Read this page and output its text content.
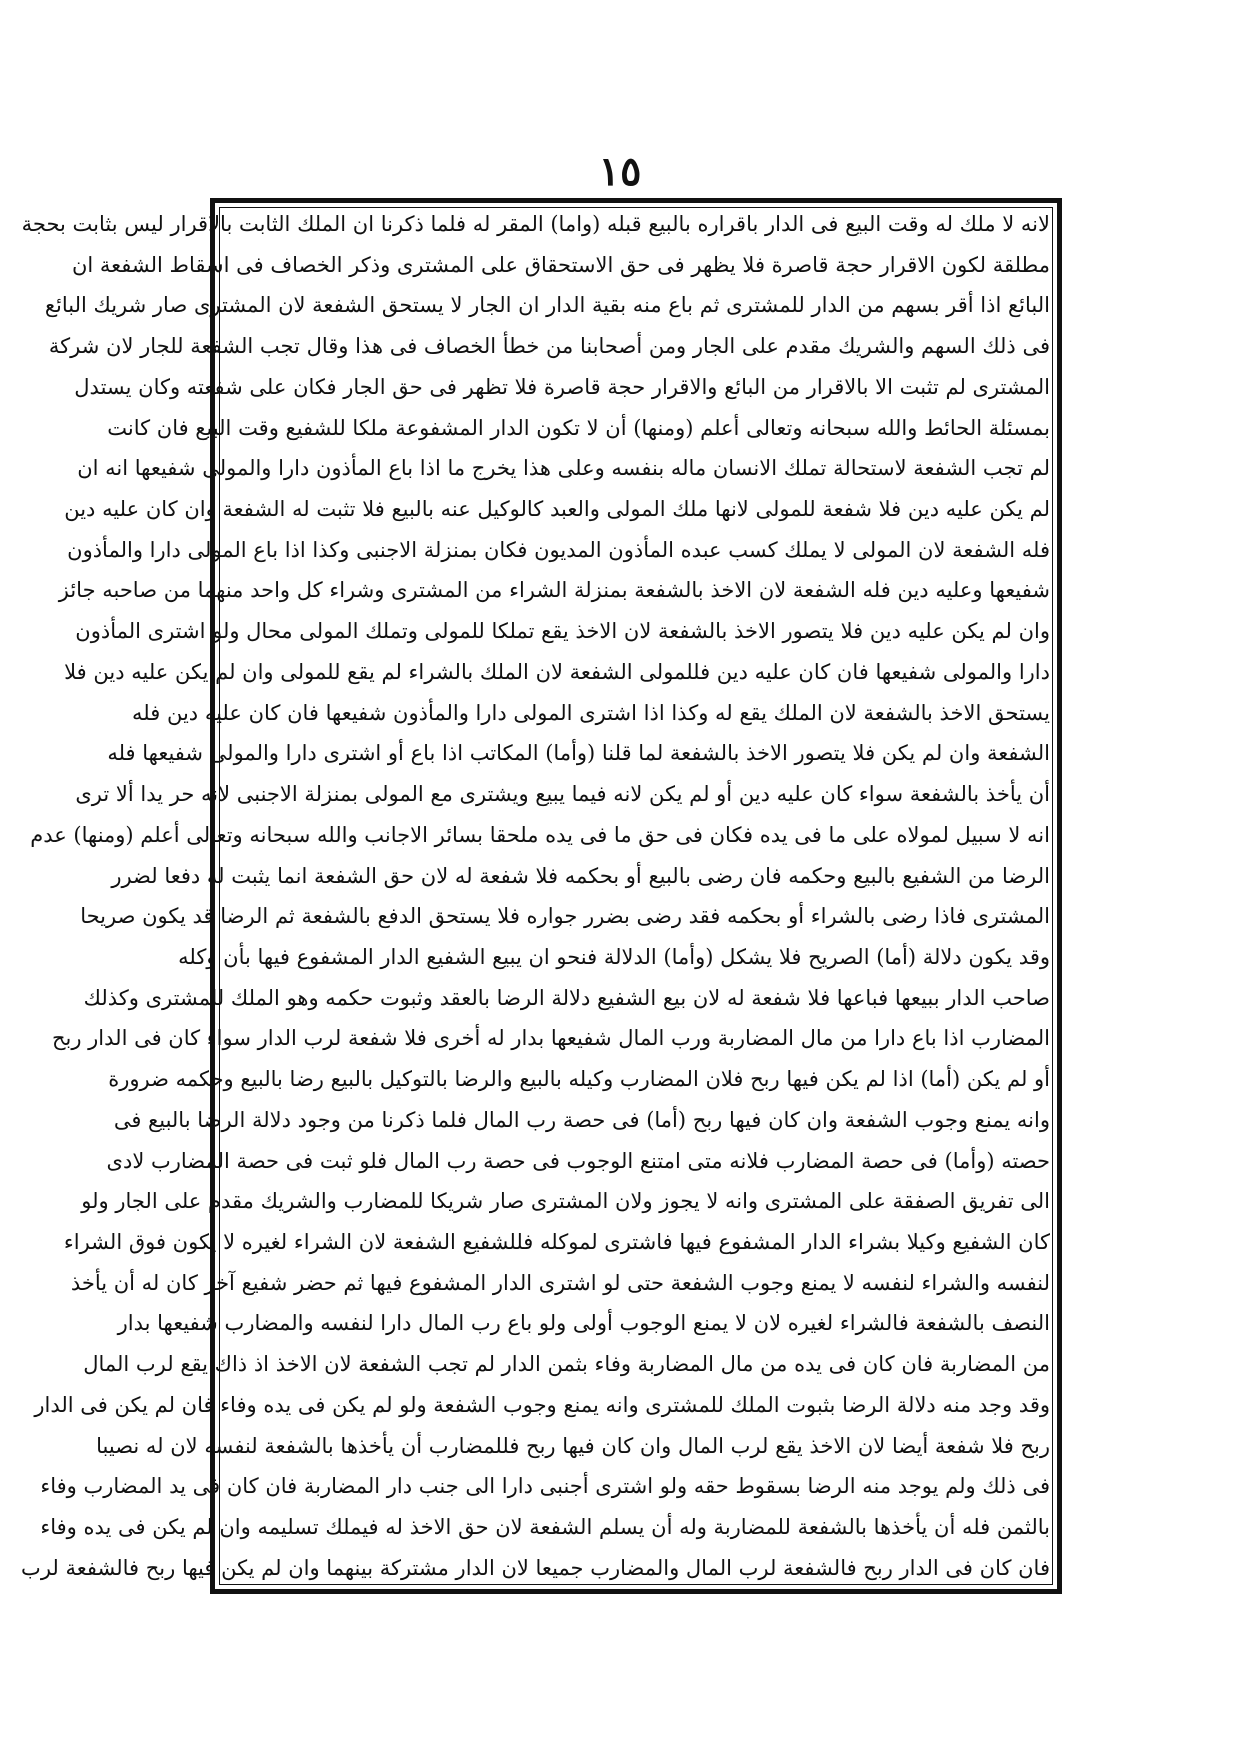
١٥
لانه لا ملك له وقت البيع فى الدار باقراره بالبيع قبله (واما) المقر له فلما ذكرنا ان الملك الثابت بالاقرار ليس بثابت بحجة
مطلقة لكون الاقرار حجة قاصرة فلا يظهر فى حق الاستحقاق على المشترى وذكر الخصاف فى اسقاط الشفعة ان
البائع اذا أقر بسهم من الدار للمشترى ثم باع منه بقية الدار ان الجار لا يستحق الشفعة لان المشترى صار شريك البائع
فى ذلك السهم والشريك مقدم على الجار ومن أصحابنا من خطأ الخصاف فى هذا وقال تجب الشفعة للجار لان شركة
المشترى لم تثبت الا بالاقرار من البائع والاقرار حجة قاصرة فلا تظهر فى حق الجار فكان على شفعته وكان يستدل
بمسئلة الحائط والله سبحانه وتعالى أعلم (ومنها) أن لا تكون الدار المشفوعة ملكا للشفيع وقت البيع فان كانت
لم تجب الشفعة لاستحالة تملك الانسان ماله بنفسه وعلى هذا يخرج ما اذا باع المأذون دارا والمولى شفيعها انه ان
لم يكن عليه دين فلا شفعة للمولى لانها ملك المولى والعبد كالوكيل عنه بالبيع فلا تثبت له الشفعة وان كان عليه دين
فله الشفعة لان المولى لا يملك كسب عبده المأذون المديون فكان بمنزلة الاجنبى وكذا اذا باع المولى دارا والمأذون
شفيعها وعليه دين فله الشفعة لان الاخذ بالشفعة بمنزلة الشراء من المشترى وشراء كل واحد منهما من صاحبه جائز
وان لم يكن عليه دين فلا يتصور الاخذ بالشفعة لان الاخذ يقع تملكا للمولى وتملك المولى محال ولو اشترى المأذون
دارا والمولى شفيعها فان كان عليه دين فللمولى الشفعة لان الملك بالشراء لم يقع للمولى وان لم يكن عليه دين فلا
يستحق الاخذ بالشفعة لان الملك يقع له وكذا اذا اشترى المولى دارا والمأذون شفيعها فان كان عليه دين فله
الشفعة وان لم يكن فلا يتصور الاخذ بالشفعة لما قلنا (وأما) المكاتب اذا باع أو اشترى دارا والمولى شفيعها فله
أن يأخذ بالشفعة سواء كان عليه دين أو لم يكن لانه فيما يبيع ويشترى مع المولى بمنزلة الاجنبى لانه حر يدا ألا ترى
انه لا سبيل لمولاه على ما فى يده فكان فى حق ما فى يده ملحقا بسائر الاجانب والله سبحانه وتعالى أعلم (ومنها) عدم
الرضا من الشفيع بالبيع وحكمه فان رضى بالبيع أو بحكمه فلا شفعة له لان حق الشفعة انما يثبت له دفعا لضرر
المشترى فاذا رضى بالشراء أو بحكمه فقد رضى بضرر جواره فلا يستحق الدفع بالشفعة ثم الرضا قد يكون صريحا
وقد يكون دلالة (أما) الصريح فلا يشكل (وأما) الدلالة فنحو ان يبيع الشفيع الدار المشفوع فيها بأن وكله
صاحب الدار ببيعها فباعها فلا شفعة له لان بيع الشفيع دلالة الرضا بالعقد وثبوت حكمه وهو الملك للمشترى وكذلك
المضارب اذا باع دارا من مال المضاربة ورب المال شفيعها بدار له أخرى فلا شفعة لرب الدار سواء كان فى الدار ربح
أو لم يكن (أما) اذا لم يكن فيها ربح فلان المضارب وكيله بالبيع والرضا بالتوكيل بالبيع رضا بالبيع وحكمه ضرورة
وانه يمنع وجوب الشفعة وان كان فيها ربح (أما) فى حصة رب المال فلما ذكرنا من وجود دلالة الرضا بالبيع فى
حصته (وأما) فى حصة المضارب فلانه متى امتنع الوجوب فى حصة رب المال فلو ثبت فى حصة المضارب لادى
الى تفريق الصفقة على المشترى وانه لا يجوز ولان المشترى صار شريكا للمضارب والشريك مقدم على الجار ولو
كان الشفيع وكيلا بشراء الدار المشفوع فيها فاشترى لموكله فللشفيع الشفعة لان الشراء لغيره لا يكون فوق الشراء
لنفسه والشراء لنفسه لا يمنع وجوب الشفعة حتى لو اشترى الدار المشفوع فيها ثم حضر شفيع آخر كان له أن يأخذ
النصف بالشفعة فالشراء لغيره لان لا يمنع الوجوب أولى ولو باع رب المال دارا لنفسه والمضارب شفيعها بدار
من المضاربة فان كان فى يده من مال المضاربة وفاء بثمن الدار لم تجب الشفعة لان الاخذ اذ ذاك يقع لرب المال
وقد وجد منه دلالة الرضا بثبوت الملك للمشترى وانه يمنع وجوب الشفعة ولو لم يكن فى يده وفاء فان لم يكن فى الدار
ربح فلا شفعة أيضا لان الاخذ يقع لرب المال وان كان فيها ربح فللمضارب أن يأخذها بالشفعة لنفسه لان له نصيبا
فى ذلك ولم يوجد منه الرضا بسقوط حقه ولو اشترى أجنبى دارا الى جنب دار المضاربة فان كان فى يد المضارب وفاء
بالثمن فله أن يأخذها بالشفعة للمضاربة وله أن يسلم الشفعة لان حق الاخذ له فيملك تسليمه وان لم يكن فى يده وفاء
فان كان فى الدار ربح فالشفعة لرب المال والمضارب جميعا لان الدار مشتركة بينهما وان لم يكن فيها ربح فالشفعة لرب
